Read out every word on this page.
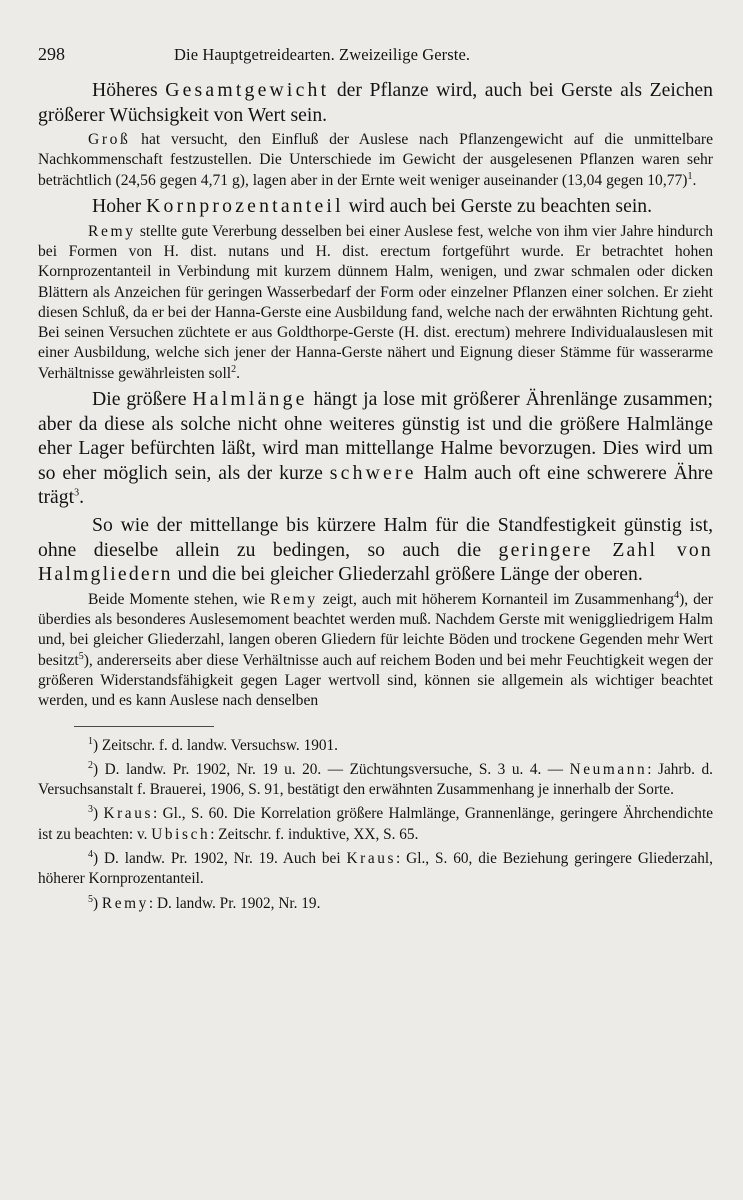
298	Die Hauptgetreidearten. Zweizeilige Gerste.

Höheres Gesamtgewicht der Pflanze wird, auch bei Gerste als Zeichen größerer Wüchsigkeit von Wert sein.

Groß hat versucht, den Einfluß der Auslese nach Pflanzengewicht auf die unmittelbare Nachkommenschaft festzustellen. Die Unterschiede im Gewicht der ausgelesenen Pflanzen waren sehr beträchtlich (24,56 gegen 4,71 g), lagen aber in der Ernte weit weniger auseinander (13,04 gegen 10,77)$^1$.

Hoher Kornprozentanteil wird auch bei Gerste zu beachten sein.

Remy stellte gute Vererbung desselben bei einer Auslese fest, welche von ihm vier Jahre hindurch bei Formen von H. dist. nutans und H. dist. erectum fortgeführt wurde. Er betrachtet hohen Kornprozentanteil in Verbindung mit kurzem dünnem Halm, wenigen, und zwar schmalen oder dicken Blättern als Anzeichen für geringen Wasserbedarf der Form oder einzelner Pflanzen einer solchen. Er zieht diesen Schluß, da er bei der Hanna-Gerste eine Ausbildung fand, welche nach der erwähnten Richtung geht. Bei seinen Versuchen züchtete er aus Goldthorpe-Gerste (H. dist. erectum) mehrere Individualauslesen mit einer Ausbildung, welche sich jener der Hanna-Gerste nähert und Eignung dieser Stämme für wasserarme Verhältnisse gewährleisten soll$^2$.

Die größere Halmlänge hängt ja lose mit größerer Ährenlänge zusammen; aber da diese als solche nicht ohne weiteres günstig ist und die größere Halmlänge eher Lager befürchten läßt, wird man mittellange Halme bevorzugen. Dies wird um so eher möglich sein, als der kurze schwere Halm auch oft eine schwerere Ähre trägt$^3$.

So wie der mittellange bis kürzere Halm für die Standfestigkeit günstig ist, ohne dieselbe allein zu bedingen, so auch die geringere Zahl von Halmgliedern und die bei gleicher Gliederzahl größere Länge der oberen.

Beide Momente stehen, wie Remy zeigt, auch mit höherem Kornanteil im Zusammenhang$^4$), der überdies als besonderes Auslesemoment beachtet werden muß. Nachdem Gerste mit weniggliedrigem Halm und, bei gleicher Gliederzahl, langen oberen Gliedern für leichte Böden und trockene Gegenden mehr Wert besitzt$^5$), andererseits aber diese Verhältnisse auch auf reichem Boden und bei mehr Feuchtigkeit wegen der größeren Widerstandsfähigkeit gegen Lager wertvoll sind, können sie allgemein als wichtiger beachtet werden, und es kann Auslese nach denselben

$^1$) Zeitschr. f. d. landw. Versuchsw. 1901.

$^2$) D. landw. Pr. 1902, Nr. 19 u. 20. — Züchtungsversuche, S. 3 u. 4. — Neumann: Jahrb. d. Versuchsanstalt f. Brauerei, 1906, S. 91, bestätigt den erwähnten Zusammenhang je innerhalb der Sorte.

$^3$) Kraus: Gl., S. 60. Die Korrelation größere Halmlänge, Grannenlänge, geringere Ährchendichte ist zu beachten: v. Ubisch: Zeitschr. f. induktive, XX, S. 65.

$^4$) D. landw. Pr. 1902, Nr. 19. Auch bei Kraus: Gl., S. 60, die Beziehung geringere Gliederzahl, höherer Kornprozentanteil.

$^5$) Remy: D. landw. Pr. 1902, Nr. 19.
